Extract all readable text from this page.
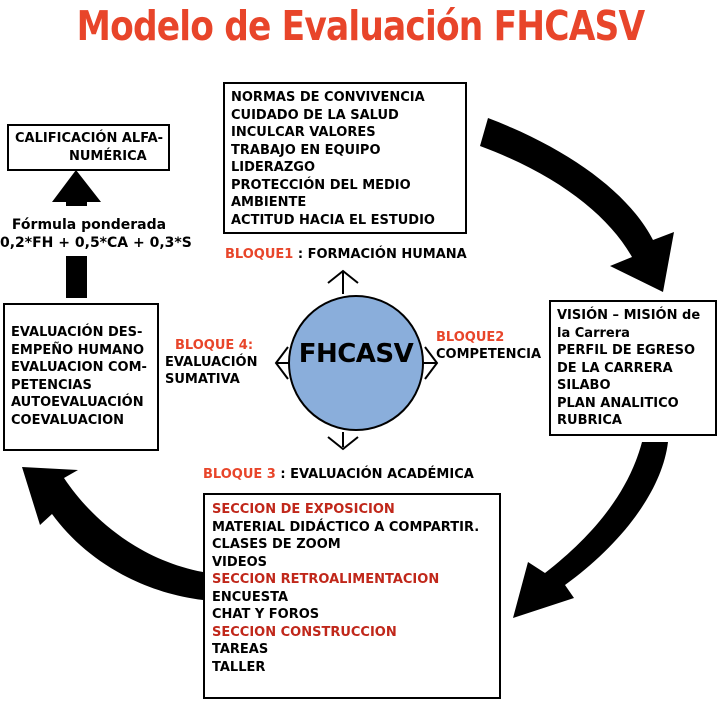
Modelo de Evaluación FHCASV
FHCASV
NORMAS DE CONVIVENCIA
CUIDADO DE LA SALUD
INCULCAR VALORES
TRABAJO EN EQUIPO
LIDERAZGO
PROTECCIÓN DEL MEDIO
AMBIENTE
ACTITUD HACIA EL ESTUDIO
BLOQUE1 : FORMACIÓN HUMANA
VISIÓN – MISIÓN de
la Carrera
PERFIL DE EGRESO
DE LA CARRERA
SILABO
PLAN ANALITICO
RUBRICA
BLOQUE2
COMPETENCIA
SECCION DE EXPOSICION
MATERIAL DIDÁCTICO A COMPARTIR.
CLASES DE ZOOM
VIDEOS
SECCION RETROALIMENTACION
ENCUESTA
CHAT Y FOROS
SECCION CONSTRUCCION
TAREAS
TALLER
BLOQUE 3 : EVALUACIÓN ACADÉMICA
EVALUACIÓN DES-
EMPEÑO HUMANO
EVALUACION COM-
PETENCIAS
AUTOEVALUACIÓN
COEVALUACION
BLOQUE 4:
EVALUACIÓN
SUMATIVA
Fórmula ponderada
0,2*FH + 0,5*CA + 0,3*S
CALIFICACIÓN ALFA-
NUMÉRICA
